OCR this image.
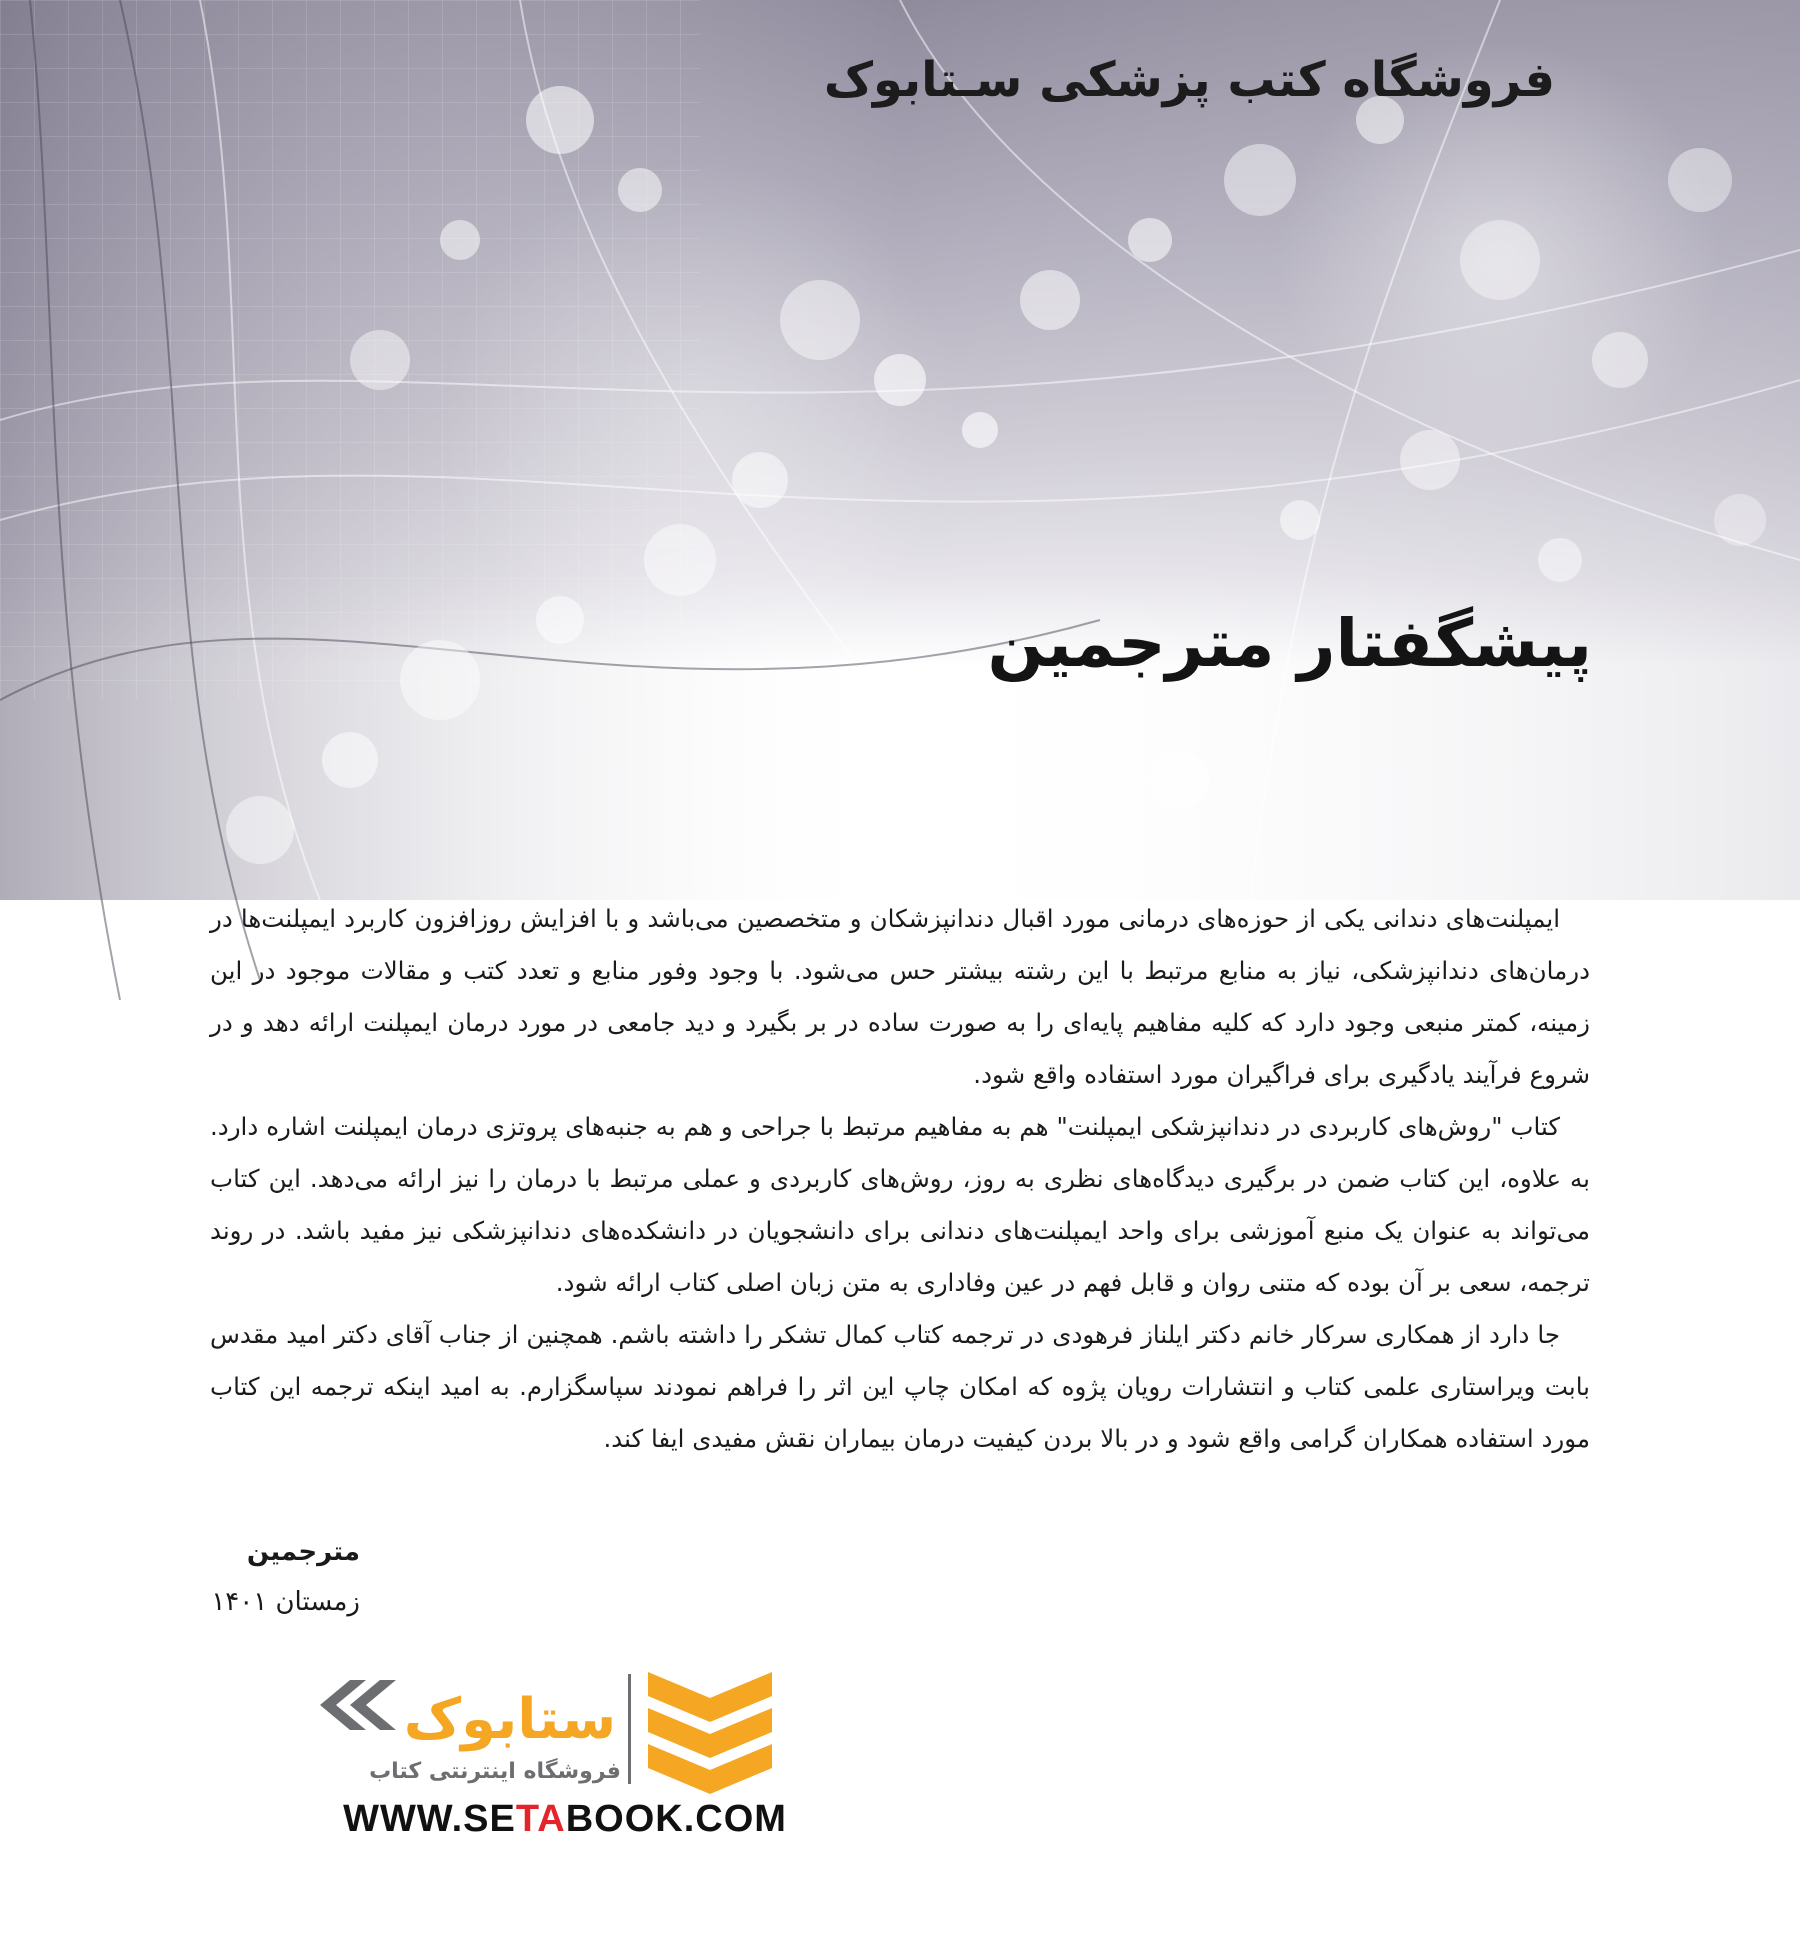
فروشگاه کتب پزشکی سـتابوک
پیشگفتار مترجمین

ایمپلنت‌های دندانی یکی از حوزه‌های درمانی مورد اقبال دندانپزشکان و متخصصین می‌باشد و با افزایش روزافزون کاربرد ایمپلنت‌ها در درمان‌های دندانپزشکی، نیاز به منابع مرتبط با این رشته بیشتر حس می‌شود. با وجود وفور منابع و تعدد کتب و مقالات موجود در این زمینه، کمتر منبعی وجود دارد که کلیه مفاهیم پایه‌ای را به صورت ساده در بر بگیرد و دید جامعی در مورد درمان ایمپلنت ارائه دهد و در شروع فرآیند یادگیری برای فراگیران مورد استفاده واقع شود.

کتاب "روش‌های کاربردی در دندانپزشکی ایمپلنت" هم به مفاهیم مرتبط با جراحی و هم به جنبه‌های پروتزی درمان ایمپلنت اشاره دارد. به علاوه، این کتاب ضمن در برگیری دیدگاه‌های نظری به روز، روش‌های کاربردی و عملی مرتبط با درمان را نیز ارائه می‌دهد. این کتاب می‌تواند به عنوان یک منبع آموزشی برای واحد ایمپلنت‌های دندانی برای دانشجویان در دانشکده‌های دندانپزشکی نیز مفید باشد. در روند ترجمه، سعی بر آن بوده که متنی روان و قابل فهم در عین وفاداری به متن زبان اصلی کتاب ارائه شود.

جا دارد از همکاری سرکار خانم دکتر ایلناز فرهودی در ترجمه کتاب کمال تشکر را داشته باشم. همچنین از جناب آقای دکتر امید مقدس بابت ویراستاری علمی کتاب و انتشارات رویان پژوه که امکان چاپ این اثر را فراهم نمودند سپاسگزارم. به امید اینکه ترجمه این کتاب مورد استفاده همکاران گرامی واقع شود و در بالا بردن کیفیت درمان بیماران نقش مفیدی ایفا کند.

مترجمین
زمستان ۱۴۰۱
ستابوک
فروشگاه اینترنتی کتاب
WWW.SETABOOK.COM
